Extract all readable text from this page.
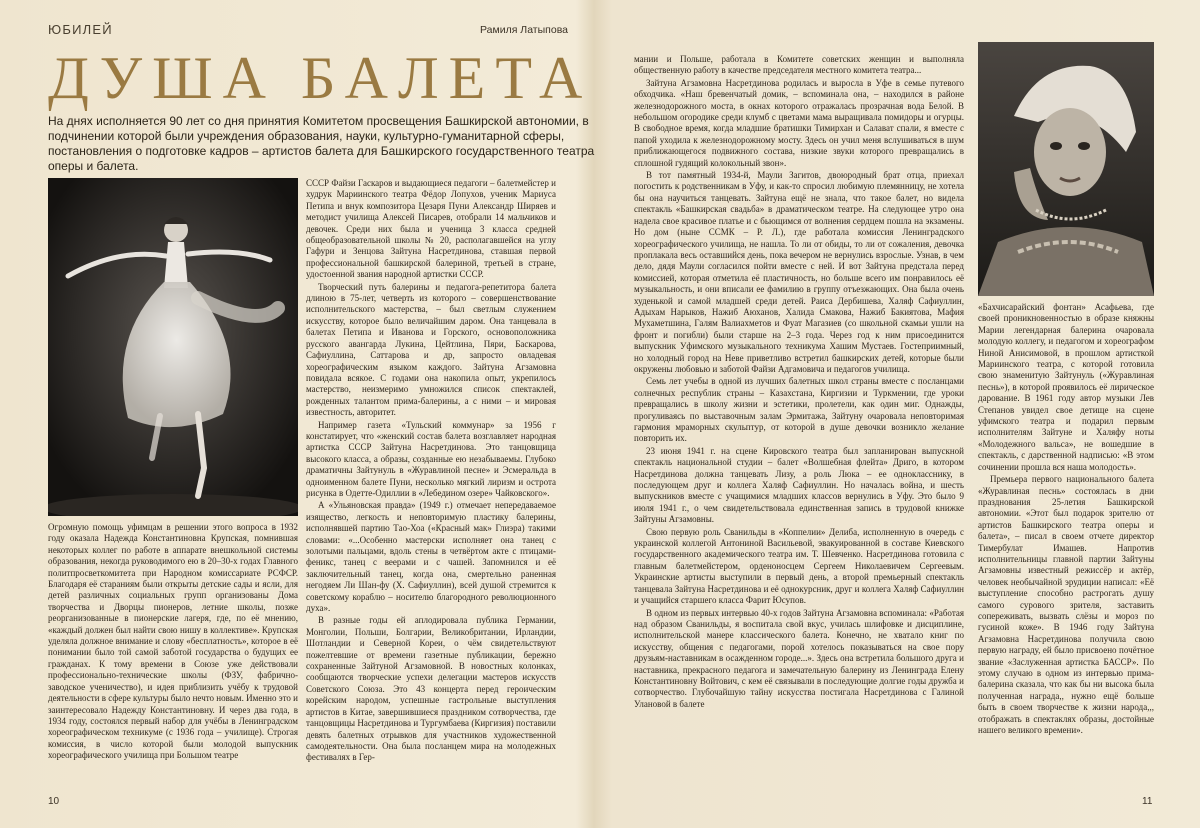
ЮБИЛЕЙ	Рамиля Латыпова
ДУША БАЛЕТА
На днях исполняется 90 лет со дня принятия Комитетом просвещения Башкирской автономии, в подчинении которой были учреждения образования, науки, культурно-гуманитарной сферы, постановления о подготовке кадров – артистов балета для Башкирского государственного театра оперы и балета.

Огромную помощь уфимцам в решении этого вопроса в 1932 году оказала Надежда Константиновна Крупская, помнившая некоторых коллег по работе в аппарате внешкольной системы образования, некогда руководимого ею в 20–30-х годах Главного политпросветкомитета при Народном комиссариате РСФСР. Благодаря её стараниям были открыты детские сады и ясли, для детей различных социальных групп организованы Дома творчества и Дворцы пионеров, летние школы, позже реорганизованные в пионерские лагеря, где, по её мнению, «каждый должен был найти свою нишу в коллективе». Крупская уделяла должное внимание и слову «бесплатность», которое в её понимании было той самой заботой государства о будущих ее гражданах. К тому времени в Союзе уже действовали профессионально-технические школы (ФЗУ, фабрично-заводское ученичество), и идея приблизить учёбу к трудовой деятельности в сфере культуры было нечто новым. Именно это и заинтересовало Надежду Константиновну. И через два года, в 1934 году, состоялся первый набор для учёбы в Ленинградском хореографическом техникуме (с 1936 года – училище). Строгая комиссия, в число которой были молодой выпускник хореографического училища при Большом театре

СССР Файзи Гаскаров и выдающиеся педагоги – балетмейстер и худрук Мариинского театра Фёдор Лопухов, ученик Мариуса Петипа и внук композитора Цезаря Пуни Александр Ширяев и методист училища Алексей Писарев, отобрали 14 мальчиков и девочек. Среди них была и ученица 3 класса средней общеобразовательной школы № 20, располагавшейся на углу Гафури и Зенцова Зайтуна Насретдинова, ставшая первой профессиональной башкирской балериной, третьей в стране, удостоенной звания народной артистки СССР.

Творческий путь балерины и педагога-репетитора балета длиною в 75-лет, четверть из которого – совершенствование исполнительского мастерства, – был светлым служением искусству, которое было величайшим даром. Она танцевала в балетах Петипа и Иванова и Горского, основоположника русского авангарда Лукина, Цейтлина, Пяри, Баскарова, Сафиуллина, Саттарова и др, запросто овладевая хореографическим языком каждого. Зайтуна Агзамовна повидала всякое. С годами она накопила опыт, укрепилось мастерство, неизмеримо умножился список спектаклей, рожденных талантом прима-балерины, а с ними – и мировая известность, авторитет.

Например газета «Тульский коммунар» за 1956 г констатирует, что «женский состав балета возглавляет народная артистка СССР Зайтуна Насретдинова. Это танцовщица высокого класса, а образы, созданные ею незабываемы. Глубоко драматичны Зайтунуль в «Журавлиной песне» и Эсмеральда в одноименном балете Пуни, несколько мягкий лиризм и острота рисунка в Одетте-Одиллии в «Лебедином озере» Чайковского».

А «Ульяновская правда» (1949 г.) отмечает непередаваемое изящество, легкость и неповторимую пластику балерины, исполнявшей партию Тао-Хоа («Красный мак» Глиэра) такими словами: «...Особенно мастерски исполняет она танец с золотыми пальцами, вдоль стены в четвёртом акте с птицами-феникс, танец с веерами и с чашей. Запомнился и её заключительный танец, когда она, смертельно раненная негодяем Ли Шан-фу (Х. Сафиуллин), всей душой стремится к советскому кораблю – носителю благородного революционного духа».

В разные годы ей аплодировала публика Германии, Монголии, Польши, Болгарии, Великобритании, Ирландии, Шотландии и Северной Кореи, о чём свидетельствуют пожелтевшие от времени газетные публикации, бережно сохраненные Зайтуной Агзамовной. В новостных колонках, сообщаются творческие успехи делегации мастеров искусств Советского Союза. Это 43 концерта перед героическим корейским народом, успешные гастрольные выступления артистов в Китае, завершившиеся праздником сотворчества, где танцовщицы Насретдинова и Тургумбаева (Киргизия) поставили девять балетных отрывков для участников художественной самодеятельности. Она была посланцем мира на молодежных фестивалях в Гер-

мании и Польше, работала в Комитете советских женщин и выполняла общественную работу в качестве председателя местного комитета театра...

Зайтуна Агзамовна Насретдинова родилась и выросла в Уфе в семье путевого обходчика. «Наш бревенчатый домик, – вспоминала она, – находился в районе железнодорожного моста, в окнах которого отражалась прозрачная вода Белой. В небольшом огородике среди клумб с цветами мама выращивала помидоры и огурцы. В свободное время, когда младшие братишки Тимирхан и Салават спали, я вместе с папой уходила к железнодорожному мосту. Здесь он учил меня вслушиваться в шум приближающегося подвижного состава, низкие звуки которого превращались в сплошной гудящий колокольный звон».

В тот памятный 1934-й, Маули Загитов, двоюродный брат отца, приехал погостить к родственникам в Уфу, и как-то спросил любимую племянницу, не хотела бы она научиться танцевать. Зайтуна ещё не знала, что такое балет, но видела спектакль «Башкирская свадьба» в драматическом театре. На следующее утро она надела свое красивое платье и с бьющимся от волнения сердцем пошла на экзамены. Но дом (ныне ССМК – Р. Л.), где работала комиссия Ленинградского хореографического училища, не нашла. То ли от обиды, то ли от сожаления, девочка проплакала весь оставшийся день, пока вечером не вернулись взрослые. Узнав, в чем дело, дядя Маули согласился пойти вместе с ней. И вот Зайтуна предстала перед комиссией, которая отметила её пластичность, но больше всего им понравилось её музыкальность, и они вписали ее фамилию в группу отъезжающих. Она была очень худенькой и самой младшей среди детей. Раиса Дербишева, Халяф Сафиуллин, Адыхам Нарыков, Нажиб Аюханов, Халида Смакова, Нажиб Бакиятова, Мафия Мухаметшина, Галям Валиахметов и Фуат Магазиев (со школьной скамьи ушли на фронт и погибли) были старше на 2–3 года. Через год к ним присоединится выпускник Уфимского музыкального техникума Хашим Мустаев. Гостеприимный, но холодный город на Неве приветливо встретил башкирских детей, которые были окружены любовью и заботой Файзи Адгамовича и педагогов училища.

Семь лет учебы в одной из лучших балетных школ страны вместе с посланцами солнечных республик страны – Казахстана, Киргизии и Туркмении, где уроки превращались в школу жизни и эстетики, пролетели, как один миг. Однажды, прогуливаясь по выставочным залам Эрмитажа, Зайтуну очаровала неповторимая гармония мраморных скульптур, от которой в душе девочки возникло желание повторить их.

23 июня 1941 г. на сцене Кировского театра был запланирован выпускной спектакль национальной студии – балет «Волшебная флейта» Дриго, в котором Насретдинова должна танцевать Лизу, а роль Люка – ее однокласснику, в последующем друг и коллега Халяф Сафиуллин. Но началась война, и шесть выпускников вместе с учащимися младших классов вернулись в Уфу. Это было 9 июля 1941 г., о чем свидетельствовала единственная запись в трудовой книжке Зайтуны Агзамовны.

Свою первую роль Сванильды в «Коппелии» Делиба, исполненную в очередь с украинской коллегой Антониной Васильевой, эвакуированной в составе Киевского государственного академического театра им. Т. Шевченко. Насретдинова готовила с главным балетмейстером, орденоносцем Сергеем Николаевичем Сергеевым. Украинские артисты выступили в первый день, а второй премьерный спектакль танцевала Зайтуна Насретдинова и её однокурсник, друг и коллега Халяф Сафиуллин и учащийся старшего класса Фарит Юсупов.

В одном из первых интервью 40-х годов Зайтуна Агзамовна вспоминала: «Работая над образом Сванильды, я воспитала свой вкус, училась шлифовке и дисциплине, исполнительской манере классического балета. Конечно, не хватало книг по искусству, общения с педагогами, порой хотелось показываться на свое пору друзьям-наставникам в осажденном городе...». Здесь она встретила большого друга и наставника, прекрасного педагога и замечательную балерину из Ленинграда Елену Константиновну Войтович, с кем её связывали в последующие долгие годы дружба и сотворчество. Глубочайшую тайну искусства постигала Насретдинова с Галиной Улановой в балете

«Бахчисарайский фонтан» Асафьева, где своей проникновенностью в образе княжны Марии легендарная балерина очаровала молодую коллегу, и педагогом и хореографом Ниной Анисимовой, в прошлом артисткой Мариинского театра, с которой готовила свою знаменитую Зайтунуль («Журавлиная песнь»), в которой проявилось её лирическое дарование. В 1961 году автор музыки Лев Степанов увидел свое детище на сцене уфимского театра и подарил первым исполнителям Зайтуне и Халяфу ноты «Молодежного вальса», не вошедшие в спектакль, с дарственной надписью: «В этом сочинении прошла вся наша молодость».

Премьера первого национального балета «Журавлиная песнь» состоялась в дни празднования 25-летия Башкирской автономии. «Этот был подарок зрителю от артистов Башкирского театра оперы и балета», – писал в своем отчете директор Тимербулат Имашев. Напротив исполнительницы главной партии Зайтуны Агзамовны известный режиссёр и актёр, человек необычайной эрудиции написал: «Её выступление способно растрогать душу самого сурового зрителя, заставить сопереживать, вызвать слёзы и мороз по гусиной коже». В 1946 году Зайтуна Агзамовна Насретдинова получила свою первую награду, ей было присвоено почётное звание «Заслуженная артистка БАССР». По этому случаю в одном из интервью прима-балерина сказала, что как бы ни высока была полученная награда,, нужно ещё больше быть в своем творчестве к жизни народа,,, отображать в спектаклях образы, достойные нашего великого времени».

10	11
